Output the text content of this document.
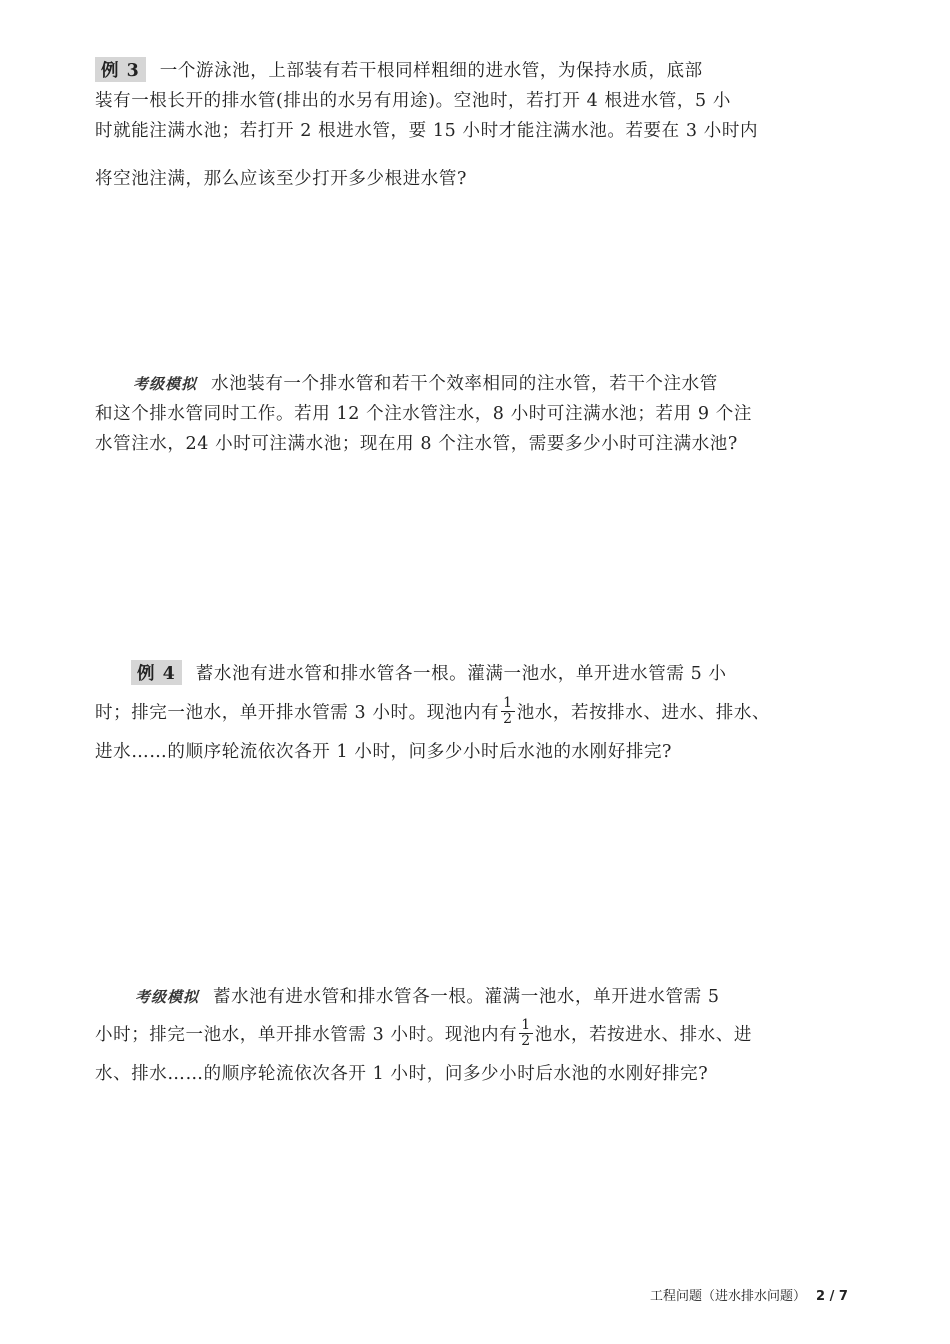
例 3 一个游泳池，上部装有若干根同样粗细的进水管，为保持水质，底部
装有一根长开的排水管(排出的水另有用途)。空池时，若打开 4 根进水管，5 小
时就能注满水池；若打开 2 根进水管，要 15 小时才能注满水池。若要在 3 小时内
将空池注满，那么应该至少打开多少根进水管?
考级模拟 水池装有一个排水管和若干个效率相同的注水管，若干个注水管
和这个排水管同时工作。若用 12 个注水管注水，8 小时可注满水池；若用 9 个注
水管注水，24 小时可注满水池；现在用 8 个注水管，需要多少小时可注满水池?
例 4 蓄水池有进水管和排水管各一根。灌满一池水，单开进水管需 5 小
时；排完一池水，单开排水管需 3 小时。现池内有 $\frac{1}{2}$ 池水，若按排水、进水、排水、
进水……的顺序轮流依次各开 1 小时，问多少小时后水池的水刚好排完?
考级模拟 蓄水池有进水管和排水管各一根。灌满一池水，单开进水管需 5
小时；排完一池水，单开排水管需 3 小时。现池内有 $\frac{1}{2}$ 池水，若按进水、排水、进
水、排水……的顺序轮流依次各开 1 小时，问多少小时后水池的水刚好排完?
工程问题（进水排水问题） 2 / 7
